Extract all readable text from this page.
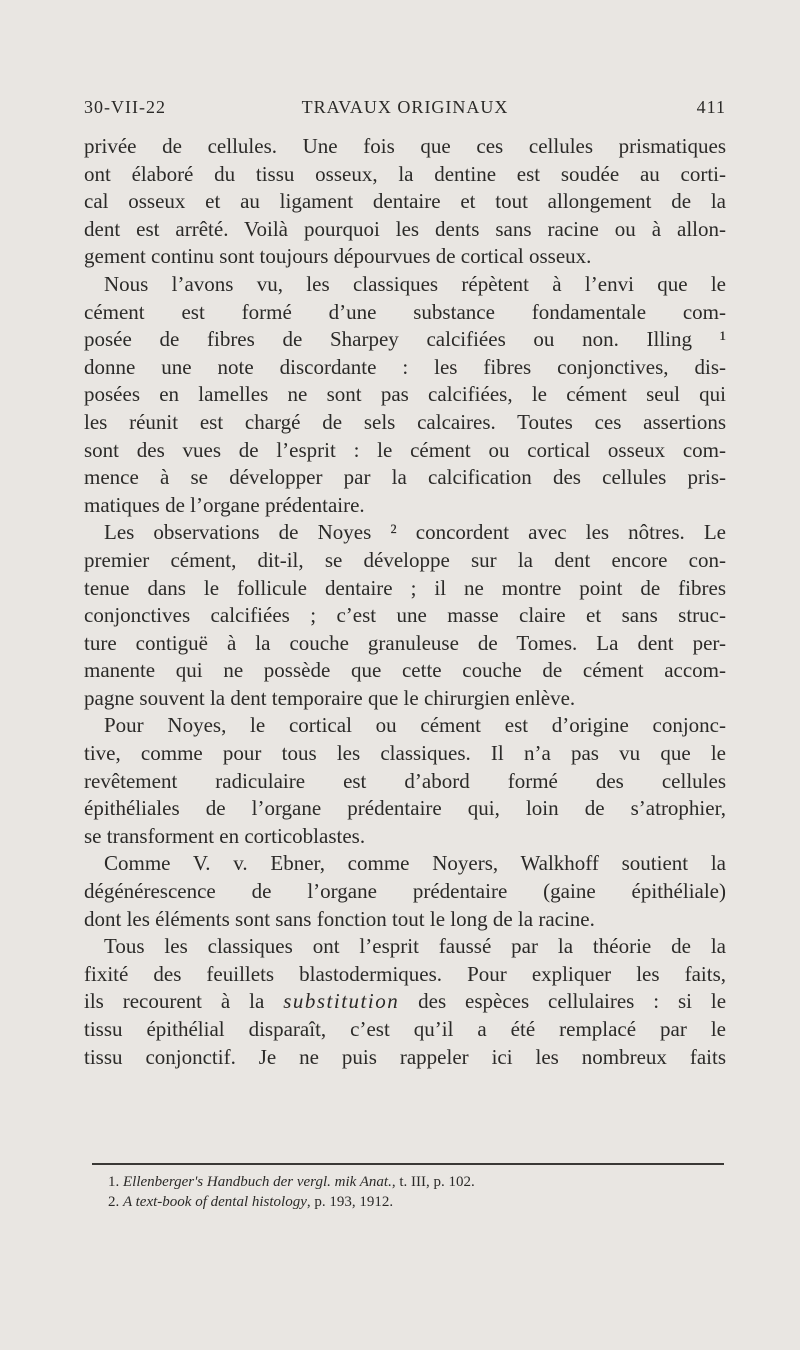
30-VII-22	TRAVAUX ORIGINAUX	411
privée de cellules. Une fois que ces cellules prismatiques
ont élaboré du tissu osseux, la dentine est soudée au corti-
cal osseux et au ligament dentaire et tout allongement de la
dent est arrêté. Voilà pourquoi les dents sans racine ou à allon-
gement continu sont toujours dépourvues de cortical osseux.
Nous l’avons vu, les classiques répètent à l’envi que le
cément est formé d’une substance fondamentale com-
posée de fibres de Sharpey calcifiées ou non. Illing ¹
donne une note discordante : les fibres conjonctives, dis-
posées en lamelles ne sont pas calcifiées, le cément seul qui
les réunit est chargé de sels calcaires. Toutes ces assertions
sont des vues de l’esprit : le cément ou cortical osseux com-
mence à se développer par la calcification des cellules pris-
matiques de l’organe prédentaire.
Les observations de Noyes ² concordent avec les nôtres. Le
premier cément, dit-il, se développe sur la dent encore con-
tenue dans le follicule dentaire ; il ne montre point de fibres
conjonctives calcifiées ; c’est une masse claire et sans struc-
ture contiguë à la couche granuleuse de Tomes. La dent per-
manente qui ne possède que cette couche de cément accom-
pagne souvent la dent temporaire que le chirurgien enlève.
Pour Noyes, le cortical ou cément est d’origine conjonc-
tive, comme pour tous les classiques. Il n’a pas vu que le
revêtement radiculaire est d’abord formé des cellules
épithéliales de l’organe prédentaire qui, loin de s’atrophier,
se transforment en corticoblastes.
Comme V. v. Ebner, comme Noyers, Walkhoff soutient la
dégénérescence de l’organe prédentaire (gaine épithéliale)
dont les éléments sont sans fonction tout le long de la racine.
Tous les classiques ont l’esprit faussé par la théorie de la
fixité des feuillets blastodermiques. Pour expliquer les faits,
ils recourent à la substitution des espèces cellulaires : si le
tissu épithélial disparaît, c’est qu’il a été remplacé par le
tissu conjonctif. Je ne puis rappeler ici les nombreux faits
1. Ellenberger's Handbuch der vergl. mik Anat., t. III, p. 102.
2. A text-book of dental histology, p. 193, 1912.
